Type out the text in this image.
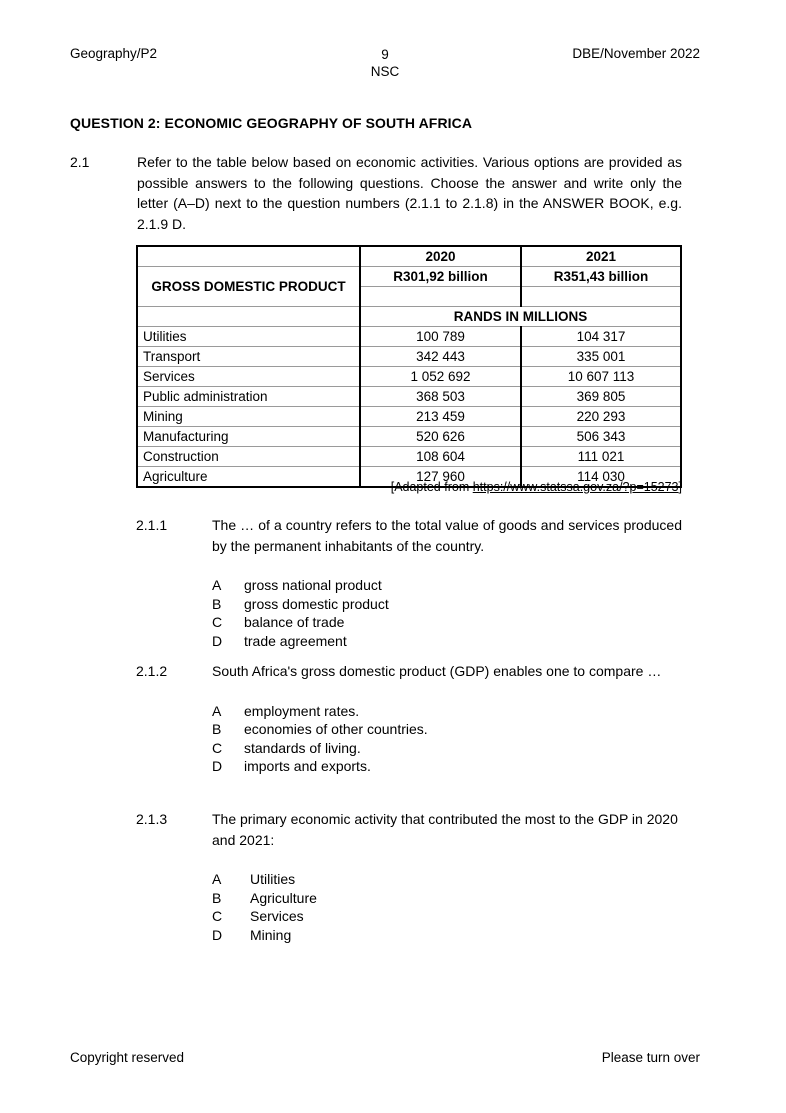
Geography/P2	9
NSC
DBE/November 2022
QUESTION 2: ECONOMIC GEOGRAPHY OF SOUTH AFRICA
2.1	Refer to the table below based on economic activities. Various options are provided as possible answers to the following questions. Choose the answer and write only the letter (A–D) next to the question numbers (2.1.1 to 2.1.8) in the ANSWER BOOK, e.g. 2.1.9 D.
	2020	2021
GROSS DOMESTIC PRODUCT	R301,92 billion	R351,43 billion

	RANDS IN MILLIONS	
Utilities	100 789	104 317
Transport	342 443	335 001
Services	1 052 692	10 607 113
Public administration	368 503	369 805
Mining	213 459	220 293
Manufacturing	520 626	506 343
Construction	108 604	111 021
Agriculture	127 960	114 030
[Adapted from https://www.statssa.gov.za/?p=15273]
2.1.1	The … of a country refers to the total value of goods and services produced by the permanent inhabitants of the country.
A gross national product
B gross domestic product
C balance of trade
D trade agreement
2.1.2	South Africa's gross domestic product (GDP) enables one to compare …
A employment rates.
B economies of other countries.
C standards of living.
D imports and exports.
2.1.3	The primary economic activity that contributed the most to the GDP in 2020 and 2021:
A Utilities
B Agriculture
C Services
D Mining
Copyright reserved	Please turn over
